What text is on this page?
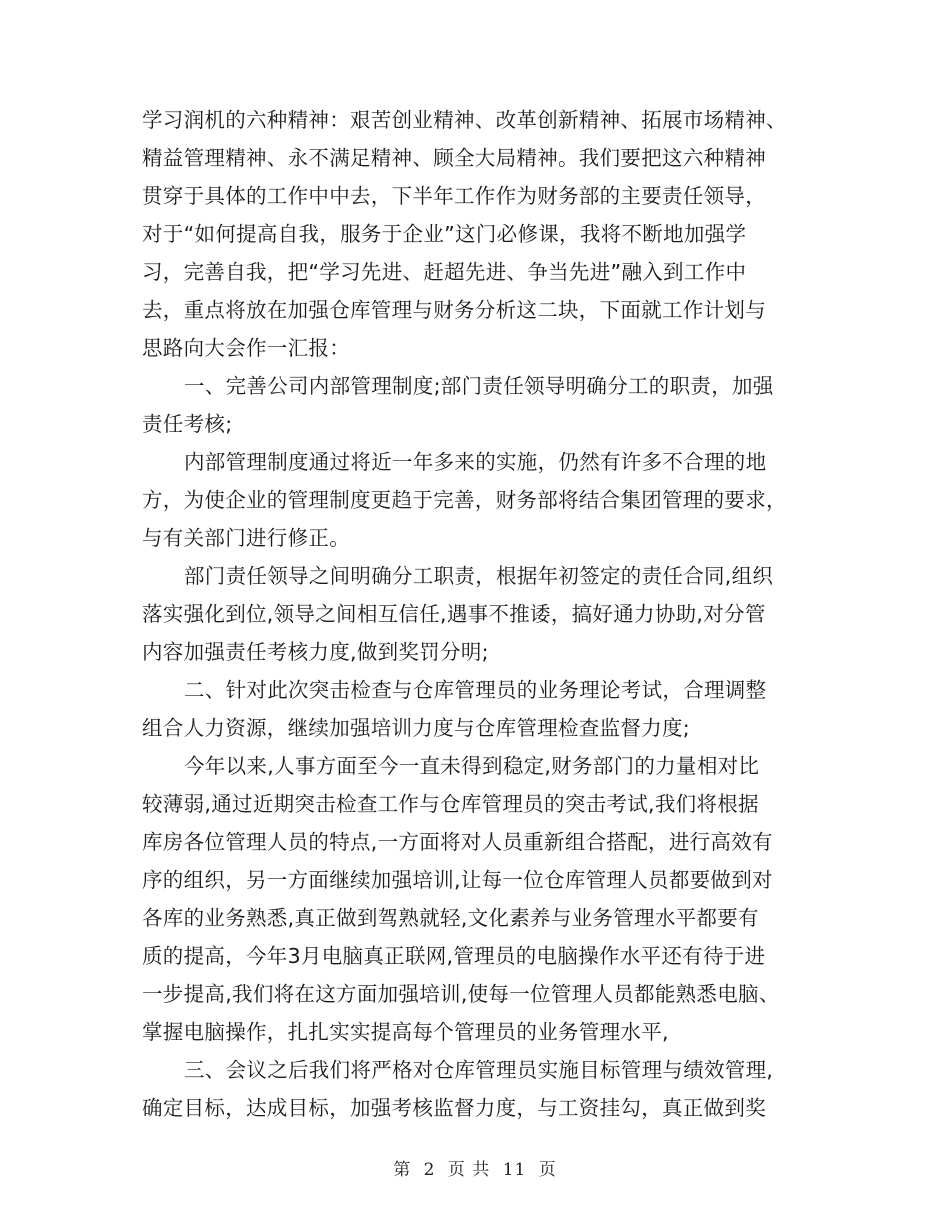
学习润机的六种精神：艰苦创业精神、改革创新精神、拓展市场精神、
精益管理精神、永不满足精神、顾全大局精神。我们要把这六种精神
贯穿于具体的工作中中去，下半年工作作为财务部的主要责任领导，
对于“如何提高自我，服务于企业”这门必修课，我将不断地加强学
习，完善自我，把“学习先进、赶超先进、争当先进”融入到工作中
去，重点将放在加强仓库管理与财务分析这二块，下面就工作计划与
思路向大会作一汇报：
一、完善公司内部管理制度;部门责任领导明确分工的职责，加强
责任考核;
内部管理制度通过将近一年多来的实施，仍然有许多不合理的地
方，为使企业的管理制度更趋于完善，财务部将结合集团管理的要求，
与有关部门进行修正。
部门责任领导之间明确分工职责，根据年初签定的责任合同,组织
落实强化到位,领导之间相互信任,遇事不推诿，搞好通力协助,对分管
内容加强责任考核力度,做到奖罚分明;
二、针对此次突击检查与仓库管理员的业务理论考试，合理调整
组合人力资源，继续加强培训力度与仓库管理检查监督力度;
今年以来,人事方面至今一直未得到稳定,财务部门的力量相对比
较薄弱,通过近期突击检查工作与仓库管理员的突击考试,我们将根据
库房各位管理人员的特点,一方面将对人员重新组合搭配，进行高效有
序的组织，另一方面继续加强培训,让每一位仓库管理人员都要做到对
各库的业务熟悉,真正做到驾熟就轻,文化素养与业务管理水平都要有
质的提高，今年3月电脑真正联网,管理员的电脑操作水平还有待于进
一步提高,我们将在这方面加强培训,使每一位管理人员都能熟悉电脑、
掌握电脑操作，扎扎实实提高每个管理员的业务管理水平,
三、会议之后我们将严格对仓库管理员实施目标管理与绩效管理,
确定目标，达成目标，加强考核监督力度，与工资挂勾，真正做到奖
第 2 页 共 11 页
